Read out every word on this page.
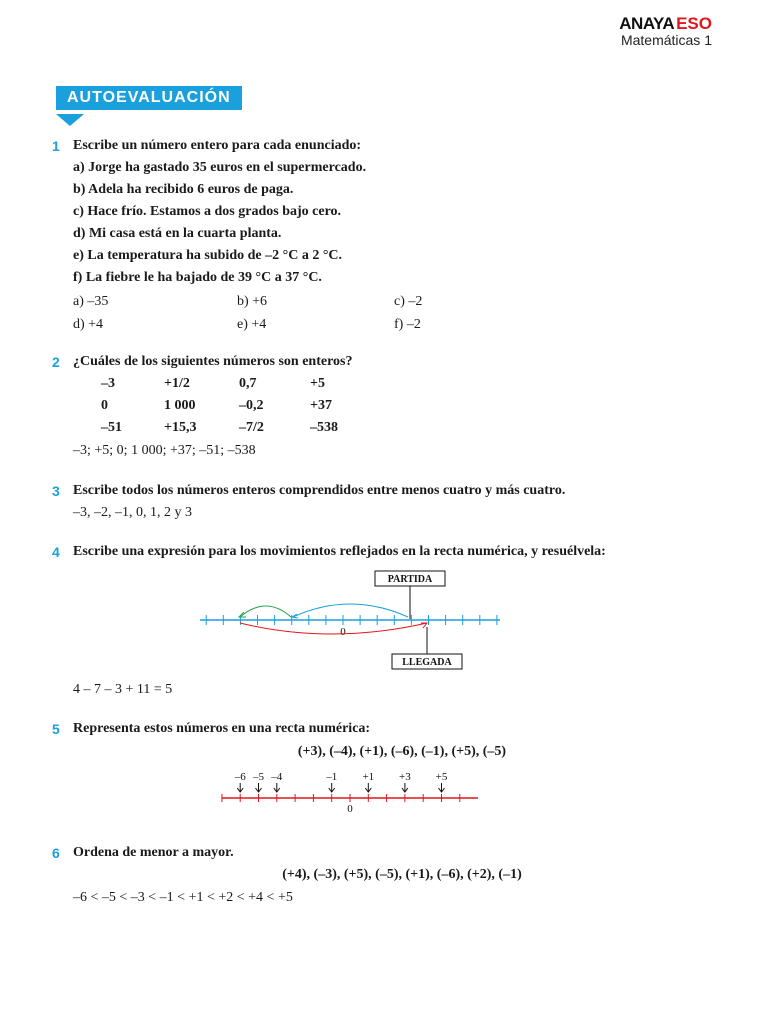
ANAYA ESO
Matemáticas 1
AUTOEVALUACIÓN
1 Escribe un número entero para cada enunciado:
a) Jorge ha gastado 35 euros en el supermercado.
b) Adela ha recibido 6 euros de paga.
c) Hace frío. Estamos a dos grados bajo cero.
d) Mi casa está en la cuarta planta.
e) La temperatura ha subido de –2 °C a 2 °C.
f) La fiebre le ha bajado de 39 °C a 37 °C.
a) –35	b) +6	c) –2
d) +4	e) +4	f) –2
2 ¿Cuáles de los siguientes números son enteros?
–3	+1/2	0,7	+5
0	1 000	–0,2	+37
–51	+15,3	–7/2	–538
–3; +5; 0; 1 000; +37; –51; –538
3 Escribe todos los números enteros comprendidos entre menos cuatro y más cuatro.
–3, –2, –1, 0, 1, 2 y 3
4 Escribe una expresión para los movimientos reflejados en la recta numérica, y resuélvela:
PARTIDA
LLEGADA
0
4 – 7 – 3 + 11 = 5
5 Representa estos números en una recta numérica:
(+3), (–4), (+1), (–6), (–1), (+5), (–5)
–6 –5 –4	–1 +1 +3 +5
0
6 Ordena de menor a mayor.
(+4), (–3), (+5), (–5), (+1), (–6), (+2), (–1)
–6 < –5 < –3 < –1 < +1 < +2 < +4 < +5
